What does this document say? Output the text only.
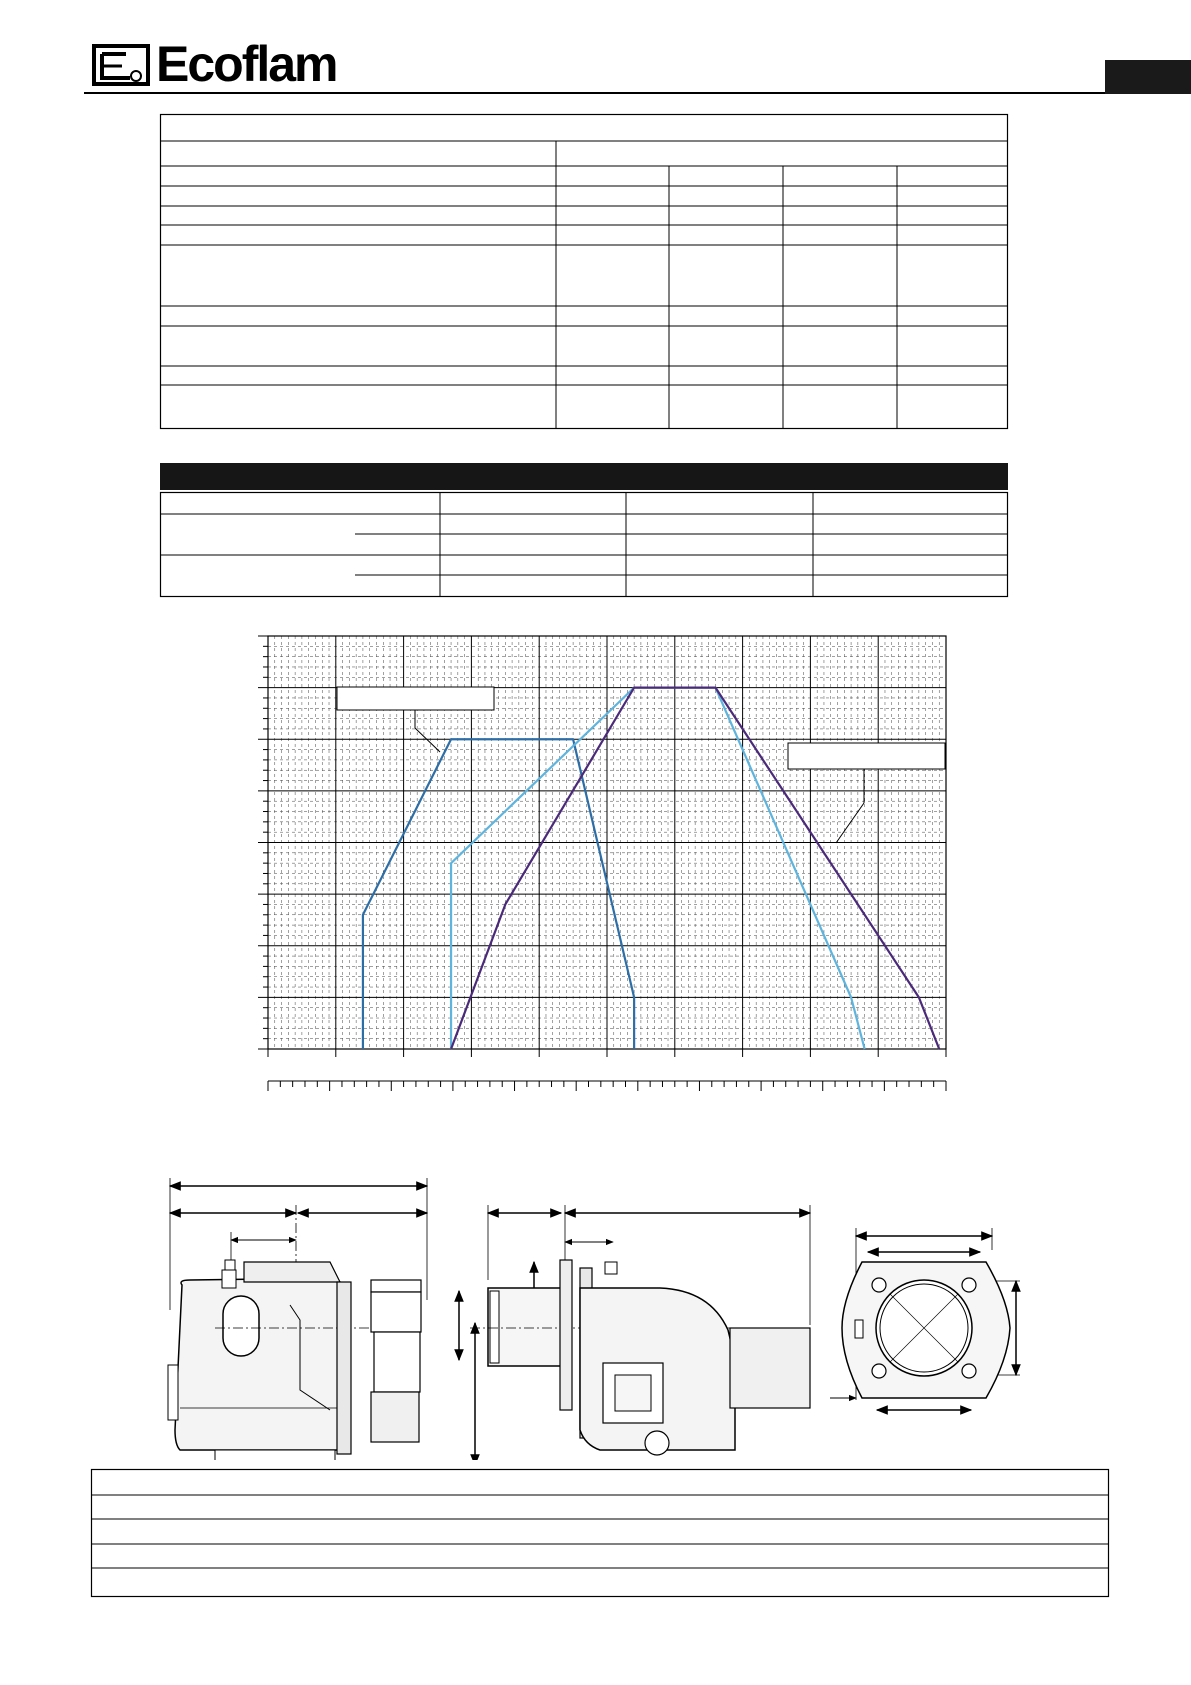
Ecoflam
